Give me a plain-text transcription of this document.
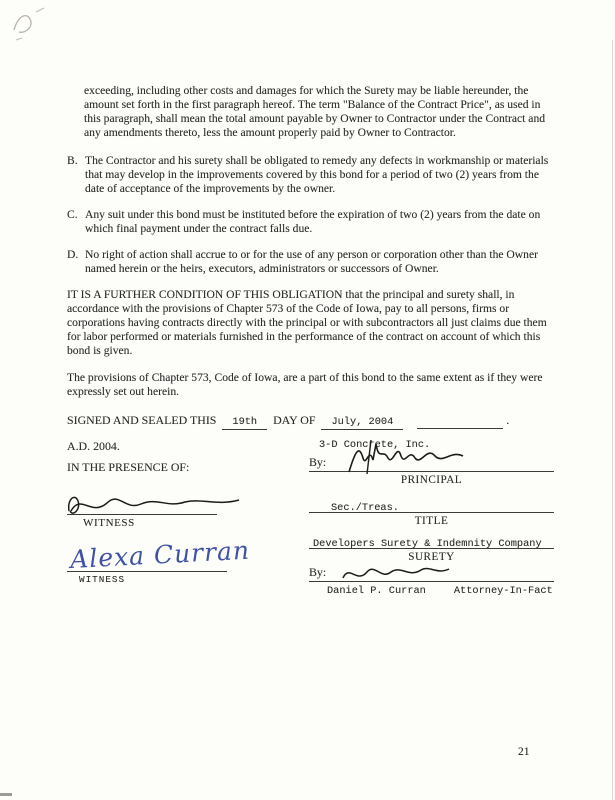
exceeding, including other costs and damages for which the Surety may be liable hereunder, the amount set forth in the first paragraph hereof. The term "Balance of the Contract Price", as used in this paragraph, shall mean the total amount payable by Owner to Contractor under the Contract and any amendments thereto, less the amount properly paid by Owner to Contractor.

B. The Contractor and his surety shall be obligated to remedy any defects in workmanship or materials that may develop in the improvements covered by this bond for a period of two (2) years from the date of acceptance of the improvements by the owner.

C. Any suit under this bond must be instituted before the expiration of two (2) years from the date on which final payment under the contract falls due.

D. No right of action shall accrue to or for the use of any person or corporation other than the Owner named herein or the heirs, executors, administrators or successors of Owner.

IT IS A FURTHER CONDITION OF THIS OBLIGATION that the principal and surety shall, in accordance with the provisions of Chapter 573 of the Code of Iowa, pay to all persons, firms or corporations having contracts directly with the principal or with subcontractors all just claims due them for labor performed or materials furnished in the performance of the contract on account of which this bond is given.

The provisions of Chapter 573, Code of Iowa, are a part of this bond to the same extent as if they were expressly set out herein.

SIGNED AND SEALED THIS 19th DAY OF July, 2004	.
A.D. 2004.
IN THE PRESENCE OF:
WITNESS
Alexa Curran
WITNESS
3-D Concrete, Inc.
By:
PRINCIPAL
Sec./Treas.
TITLE
Developers Surety & Indemnity Company
SURETY
By:
Daniel P. Curran	Attorney-In-Fact
21
